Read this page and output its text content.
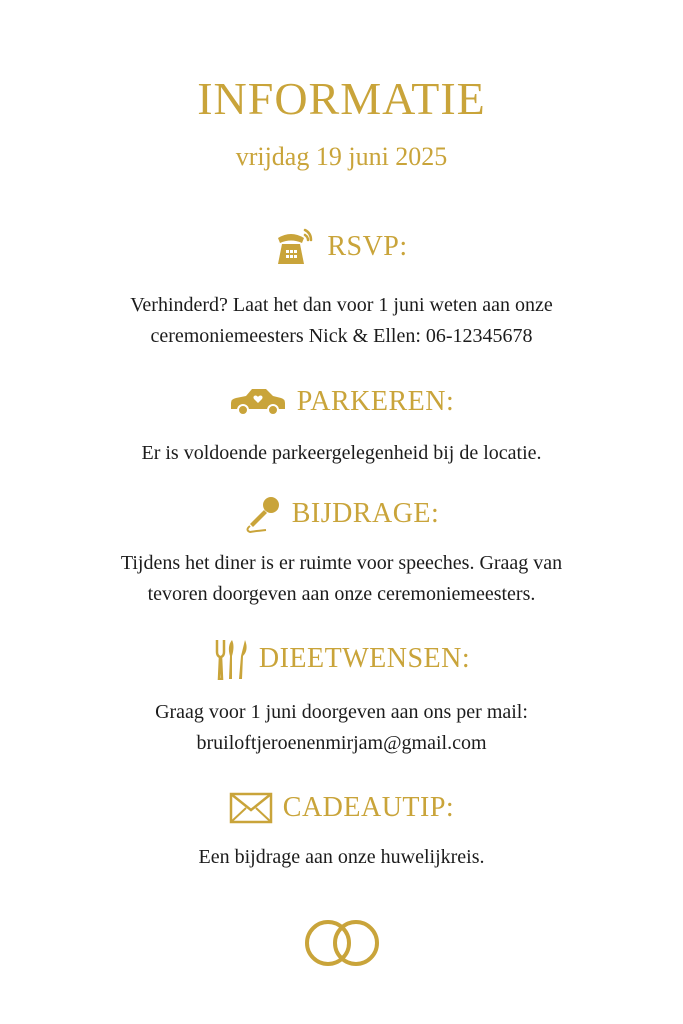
INFORMATIE
vrijdag 19 juni 2025
RSVP:
Verhinderd? Laat het dan voor 1 juni weten aan onze
ceremoniemeesters Nick & Ellen: 06-12345678
PARKEREN:
Er is voldoende parkeergelegenheid bij de locatie.
BIJDRAGE:
Tijdens het diner is er ruimte voor speeches. Graag van
tevoren doorgeven aan onze ceremoniemeesters.
DIEETWENSEN:
Graag voor 1 juni doorgeven aan ons per mail:
bruiloftjeroenenmirjam@gmail.com
CADEAUTIP:
Een bijdrage aan onze huwelijkreis.
